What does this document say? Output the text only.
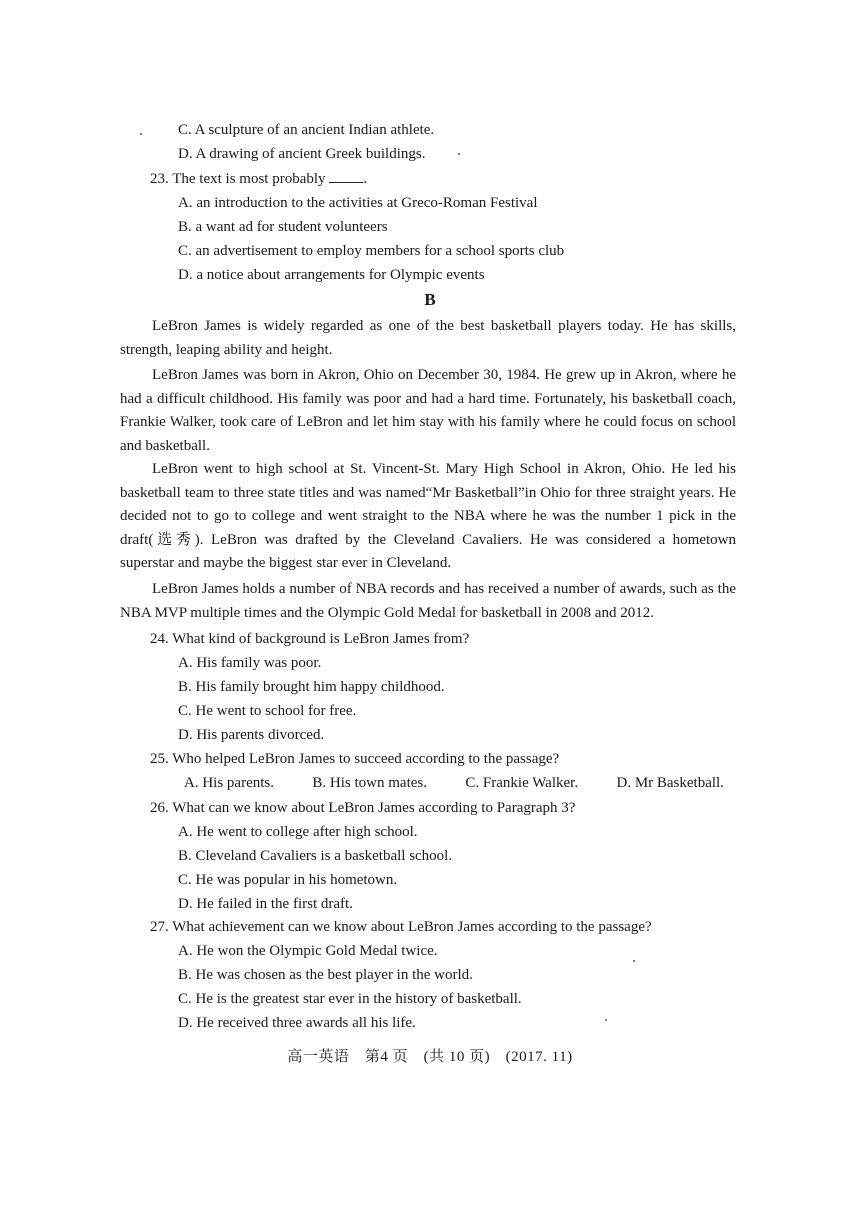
C. A sculpture of an ancient Indian athlete.
D. A drawing of ancient Greek buildings.
23. The text is most probably	.
A. an introduction to the activities at Greco-Roman Festival
B. a want ad for student volunteers
C. an advertisement to employ members for a school sports club
D. a notice about arrangements for Olympic events
B
LeBron James is widely regarded as one of the best basketball players today. He has skills, strength, leaping ability and height.
LeBron James was born in Akron, Ohio on December 30, 1984. He grew up in Akron, where he had a difficult childhood. His family was poor and had a hard time. Fortunately, his basketball coach, Frankie Walker, took care of LeBron and let him stay with his family where he could focus on school and basketball.
LeBron went to high school at St. Vincent-St. Mary High School in Akron, Ohio. He led his basketball team to three state titles and was named“Mr Basketball”in Ohio for three straight years. He decided not to go to college and went straight to the NBA where he was the number 1 pick in the draft(选秀). LeBron was drafted by the Cleveland Cavaliers. He was considered a hometown superstar and maybe the biggest star ever in Cleveland.
LeBron James holds a number of NBA records and has received a number of awards, such as the NBA MVP multiple times and the Olympic Gold Medal for basketball in 2008 and 2012.
24. What kind of background is LeBron James from?
A. His family was poor.
B. His family brought him happy childhood.
C. He went to school for free.
D. His parents divorced.
25. Who helped LeBron James to succeed according to the passage?
A. His parents.	B. His town mates.	C. Frankie Walker.	D. Mr Basketball.
26. What can we know about LeBron James according to Paragraph 3?
A. He went to college after high school.
B. Cleveland Cavaliers is a basketball school.
C. He was popular in his hometown.
D. He failed in the first draft.
27. What achievement can we know about LeBron James according to the passage?
A. He won the Olympic Gold Medal twice.
B. He was chosen as the best player in the world.
C. He is the greatest star ever in the history of basketball.
D. He received three awards all his life.
高一英语　第4 页　(共 10 页)　(2017. 11)
